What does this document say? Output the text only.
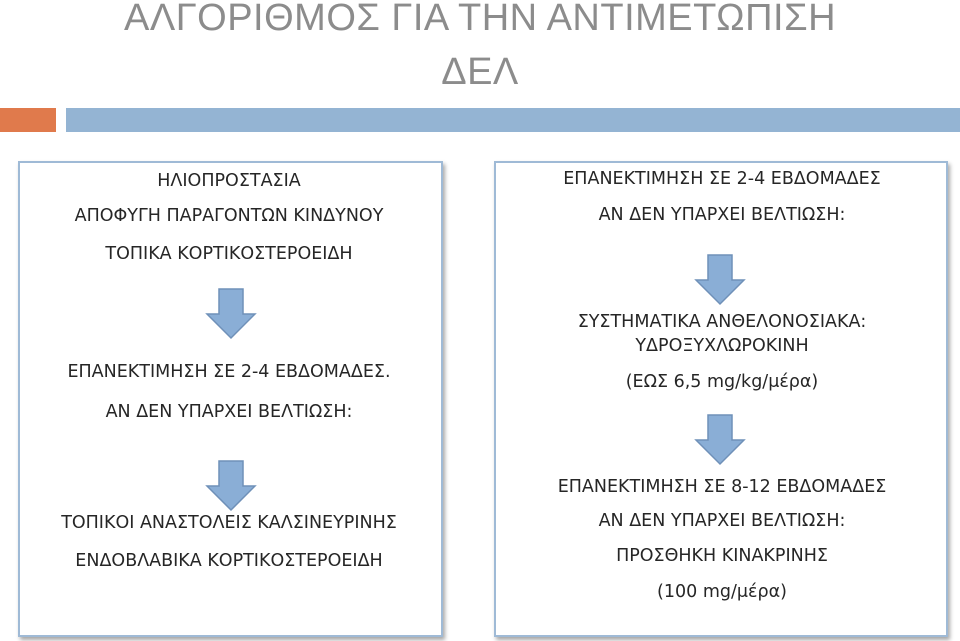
ΑΛΓΟΡΙΘΜΟΣ ΓΙΑ ΤΗΝ ΑΝΤΙΜΕΤΩΠΙΣΗ
ΔΕΛ
ΗΛΙΟΠΡΟΣΤΑΣΙΑ
ΑΠΟΦΥΓΗ ΠΑΡΑΓΟΝΤΩΝ ΚΙΝΔΥΝΟΥ
ΤΟΠΙΚΑ ΚΟΡΤΙΚΟΣΤΕΡΟΕΙΔΗ
ΕΠΑΝΕΚΤΙΜΗΣΗ ΣΕ 2-4 ΕΒΔΟΜΑΔΕΣ.
ΑΝ ΔΕΝ ΥΠΑΡΧΕΙ ΒΕΛΤΙΩΣΗ:
ΤΟΠΙΚΟΙ ΑΝΑΣΤΟΛΕΙΣ ΚΑΛΣΙΝΕΥΡΙΝΗΣ
ΕΝΔΟΒΛΑΒΙΚΑ ΚΟΡΤΙΚΟΣΤΕΡΟΕΙΔΗ
ΕΠΑΝΕΚΤΙΜΗΣΗ ΣΕ 2-4 ΕΒΔΟΜΑΔΕΣ
ΑΝ ΔΕΝ ΥΠΑΡΧΕΙ ΒΕΛΤΙΩΣΗ:
ΣΥΣΤΗΜΑΤΙΚΑ ΑΝΘΕΛΟΝΟΣΙΑΚΑ:
ΥΔΡΟΞΥΧΛΩΡΟΚΙΝΗ
(ΕΩΣ 6,5 mg/kg/μέρα)
ΕΠΑΝΕΚΤΙΜΗΣΗ ΣΕ 8-12 ΕΒΔΟΜΑΔΕΣ
ΑΝ ΔΕΝ ΥΠΑΡΧΕΙ ΒΕΛΤΙΩΣΗ:
ΠΡΟΣΘΗΚΗ ΚΙΝΑΚΡΙΝΗΣ
(100 mg/μέρα)
